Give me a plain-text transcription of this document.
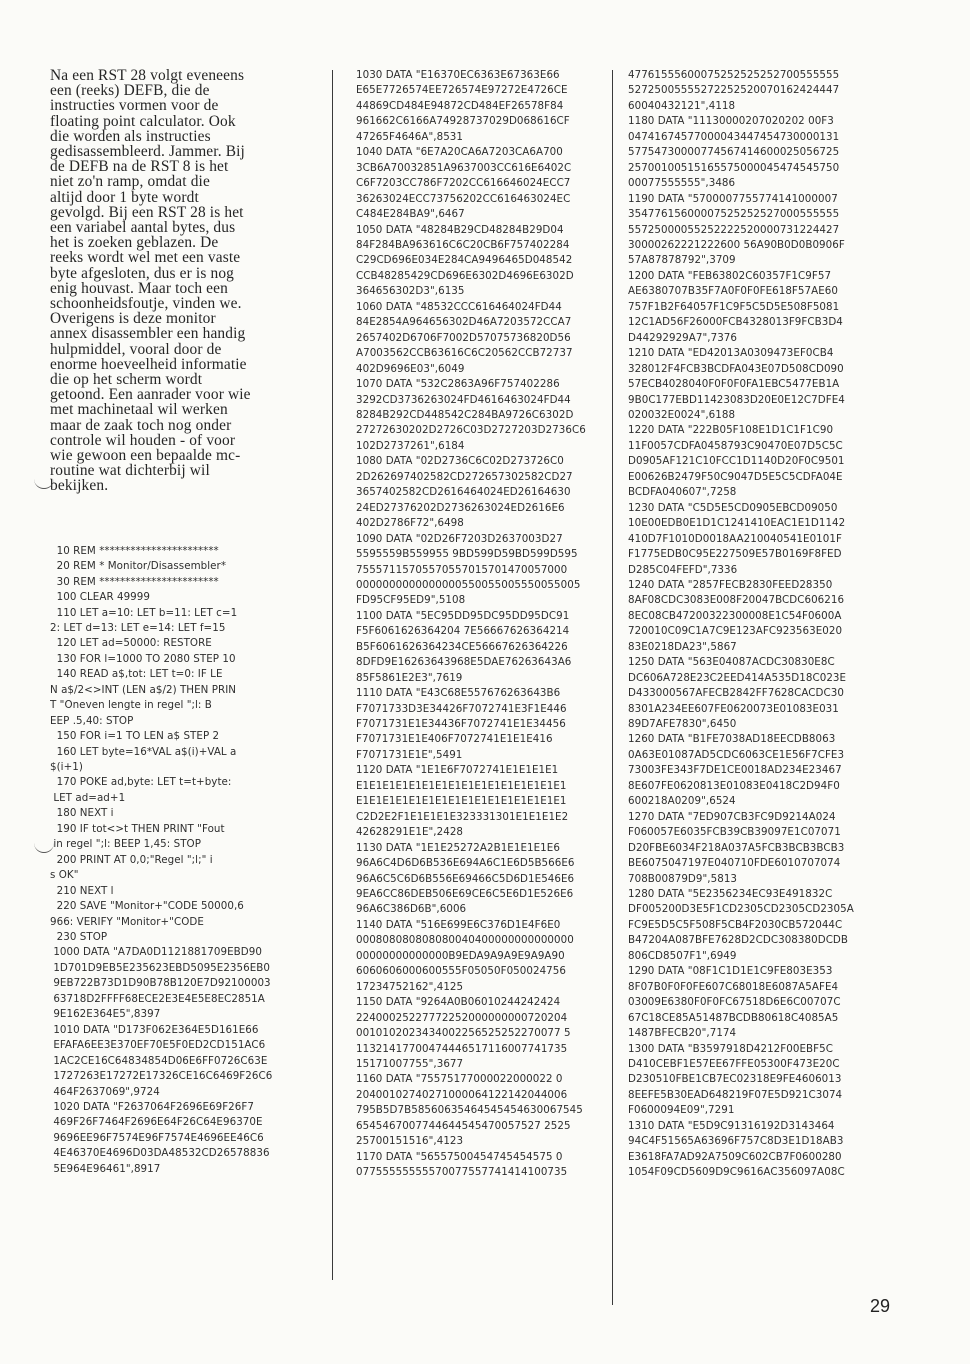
Na een RST 28 volgt eveneens
een (reeks) DEFB, die de
instructies vormen voor de
floating point calculator. Ook
die worden als instructies
gedisassembleerd. Jammer. Bij
de DEFB na de RST 8 is het
niet zo'n ramp, omdat die
altijd door 1 byte wordt
gevolgd. Bij een RST 28 is het
een variabel aantal bytes, dus
het is zoeken geblazen. De
reeks wordt wel met een vaste
byte afgesloten, dus er is nog
enig houvast. Maar toch een
schoonheidsfoutje, vinden we.
Overigens is deze monitor
annex disassembler een handig
hulpmiddel, vooral door de
enorme hoeveelheid informatie
die op het scherm wordt
getoond. Een aanrader voor wie
met machinetaal wil werken
maar de zaak toch nog onder
controle wil houden - of voor
wie gewoon een bepaalde mc-
routine wat dichterbij wil
bekijken.
10 REM ***********************
20 REM * Monitor/Disassembler*
30 REM ***********************
100 CLEAR 49999
110 LET a=10: LET b=11: LET c=1
2: LET d=13: LET e=14: LET f=15
120 LET ad=50000: RESTORE
130 FOR l=1000 TO 2080 STEP 10
140 READ a$,tot: LET t=0: IF LE
N a$/2<>INT (LEN a$/2) THEN PRIN
T "Oneven lengte in regel ";l: B
EEP .5,40: STOP
150 FOR i=1 TO LEN a$ STEP 2
160 LET byte=16*VAL a$(i)+VAL a
$(i+1)
170 POKE ad,byte: LET t=t+byte:
LET ad=ad+1
180 NEXT i
190 IF tot<>t THEN PRINT "Fout
in regel ";l: BEEP 1,45: STOP
200 PRINT AT 0,0;"Regel ";l;" i
s OK"
210 NEXT l
220 SAVE "Monitor+"CODE 50000,6
966: VERIFY "Monitor+"CODE
230 STOP
1000 DATA "A7DA0D1121881709EBD90
1D701D9EB5E235623EBD5095E2356EB0
9EB722B73D1D90B78B120E7D92100003
63718D2FFFF68ECE2E3E4E5E8EC2851A
9E162E364E5",8397
1010 DATA "D173F062E364E5D161E66
EFAFA6EE3E370EF70E5F0ED2CD151AC6
1AC2CE16C64834854D06E6FF0726C63E
1727263E17272E17326CE16C6469F26C6
464F2637069",9724
1020 DATA "F2637064F2696E69F26F7
469F26F7464F2696E64F26C64E96370E
9696EE96F7574E96F7574E4696EE46C6
4E46370E4696D03DA48532CD26578836
5E964E96461",8917
1030 DATA "E16370EC6363E67363E66
E65E7726574EE726574E97272E4726CE
44869CD484E94872CD484EF26578F84
961662C6166A74928737029D068616CF
47265F4646A",8531
1040 DATA "6E7A20CA6A7203CA6A700
3CB6A70032851A9637003CC616E6402C
C6F7203CC786F7202CC616646024ECC7
36263024ECC73756202CC616463024EC
C484E284BA9",6467
1050 DATA "48284B29CD48284B29D04
84F284BA963616C6C20CB6F757402284
C29CD696E034E284CA9496465D048542
CCB48285429CD696E6302D4696E6302D
364656302D3",6135
1060 DATA "48532CCC616464024FD44
84E2854A964656302D46A7203572CCA7
2657402D6706F7002D57075736820D56
A7003562CCB63616C6C20562CCB72737
402D9696E03",6049
1070 DATA "532C2863A96F757402286
3292CD3736263024FD4616463024FD44
8284B292CD448542C284BA9726C6302D
27272630202D2726C03D2727203D2736C6
102D2737261",6184
1080 DATA "02D2736C6C02D273726C0
2D262697402582CD272657302582CD27
3657402582CD2616464024ED26164630
24ED27376202D2736263024ED2616E6
402D2786F72",6498
1090 DATA "02D26F7203D2637003D27
5595559B559955 9BD599D59BD599D595
75557115705570557015701470057000
0000000000000000550055005550055005
FD95CF95ED9",5108
1100 DATA "5EC95DD95DC95DD95DC91
F5F6061626364204 7E56667626364214
B5F6061626364234CE56667626364226
8DFD9E16263643968E5DAE76263643A6
85F5861E2E3",7619
1110 DATA "E43C68E557676263643B6
F7071733D3E34426F7072741E3F1E446
F7071731E1E34436F7072741E1E34456
F7071731E1E406F7072741E1E1E416
F7071731E1E",5491
1120 DATA "1E1E6F7072741E1E1E1E1
E1E1E1E1E1E1E1E1E1E1E1E1E1E1E1E1
E1E1E1E1E1E1E1E1E1E1E1E1E1E1E1E1
C2D2E2F1E1E1E1E323331301E1E1E1E2
42628291E1E",2428
1130 DATA "1E1E25272A2B1E1E1E1E6
96A6C4D6D6B536E694A6C1E6D5B566E6
96A6C5C6D6B556E69466C5D6D1E546E6
9EA6CC86DEB506E69CE6C5E6D1E526E6
96A6C386D6B",6006
1140 DATA "516E699E6C376D1E4F6E0
000808080808080040400000000000000
00000000000000B9EDA9A9A9E9A9A90
6060606000600555F05050F050024756
17234752162",4125
1150 DATA "9264A0B06010244242424
22400025227772252000000000720204
0010102023434002256525252270077 5
11321417700474446517116007741735
15171007755",3677
1160 DATA "75575177000022000022 0
20400102740271000064122142044006
795B5D7B58560635464545454630067545
6545467007744644545470057527 2525
25700151516",4123
1170 DATA "56557500454745454575 0
07755555555570077557741414100735
47761555600075252525252700555555
52725005555272252520070162424447
60040432121",4118
1180 DATA "11130000207020202 00F3
04741674577000043447454730000131
57754730000774567414600025056725
25700100515165575000045474545750
00077555555",3486
1190 DATA "5700007755774141000007
35477615600007525252527000555555
55725000055252222520000731224427
30000262221222600 56A90B0D0B0906F
57A87878792",3709
1200 DATA "FEB63802C60357F1C9F57
AE6380707B35F7A0F0F0FE618F57AE60
757F1B2F64057F1C9F5C5D5E508F5081
12C1AD56F26000FCB4328013F9FCB3D4
D44292929A7",7376
1210 DATA "ED42013A0309473EF0CB4
328012F4FCB3BCDFA043E07D508CD090
57ECB4028040F0F0F0FA1EBC5477EB1A
9B0C177EBD11423083D20E0E12C7DFE4
020032E0024",6188
1220 DATA "222B05F108E1D1C1F1C90
11F0057CDFA0458793C90470E07D5C5C
D0905AF121C10FCC1D1140D20F0C9501
E00626B2479F50C9047D5E5C5CDFA04E
BCDFA040607",7258
1230 DATA "C5D5E5CD0905EBCD09050
10E00EDB0E1D1C1241410EAC1E1D1142
410D7F1010D0018AA210040541E0101F
F1775EDB0C95E227509E57B0169F8FED
D285C04FEFD",7336
1240 DATA "2857FECB2830FEED28350
8AF08CDC3083E008F20047BCDC606216
8EC08CB47200322300008E1C54F0600A
720010C09C1A7C9E123AFC923563E020
83E0218DA23",5867
1250 DATA "563E04087ACDC30830E8C
DC606A728E23C2EED414A535D18C023E
D433000567AFECB2842FF7628CACDC30
8301A234EE607FE0620073E01083E031
89D7AFE7830",6450
1260 DATA "B1FE7038AD18EECDB8063
0A63E01087AD5CDC6063CE1E56F7CFE3
73003FE343F7DE1CE0018AD234E23467
8E607FE0620813E01083E0418C2D94F0
600218A0209",6524
1270 DATA "7ED907CB3FC9D9214A024
F060057E6035FCB39CB39097E1C07071
D20FBE6034F218A037A5FCB3BCB3BCB3
BE6075047197E040710FDE6010707074
708B00879D9",5813
1280 DATA "5E2356234EC93E491832C
DF005200D3E5F1CD2305CD2305CD2305A
FC9E5D5C5F508F5CB4F2030CB572044C
B47204A087BFE7628D2CDC308380DCDB
806CD8507F1",6949
1290 DATA "08F1C1D1E1C9FE803E353
8F07B0F0F0FE607C68018E6087A5AFE4
03009E6380F0F0FC67518D6E6C00707C
67C18CE85A51487BCDB80618C4085A5
1487BFECB20",7174
1300 DATA "B3597918D4212F00EBF5C
D410CEBF1E57EE67FFE05300F473E20C
D230510FBE1CB7EC02318E9FE4606013
8EEFE5B30EAD648219F07E5D921C3074
F0600094E09",7291
1310 DATA "E5D9C91316192D3143464
94C4F51565A63696F757C8D3E1D18AB3
E3618FA7AD92A7509C602CB7F0600280
1054F09CD5609D9C9616AC356097A08C
29
